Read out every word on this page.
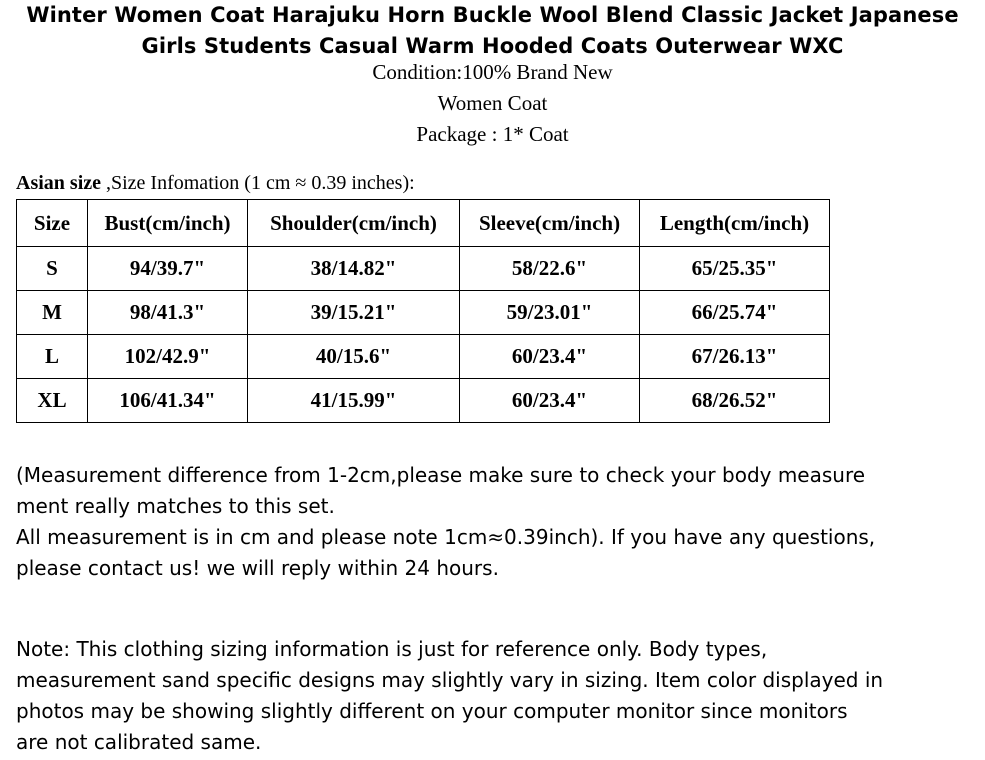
Winter Women Coat Harajuku Horn Buckle Wool Blend Classic Jacket Japanese
Girls Students Casual Warm Hooded Coats Outerwear WXC
Condition:100% Brand New
Women Coat
Package : 1* Coat
Asian size ,Size Infomation (1 cm ≈ 0.39 inches):
Size	Bust(cm/inch)	Shoulder(cm/inch)	Sleeve(cm/inch)	Length(cm/inch)
S	94/39.7"	38/14.82"	58/22.6"	65/25.35"
M	98/41.3"	39/15.21"	59/23.01"	66/25.74"
L	102/42.9"	40/15.6"	60/23.4"	67/26.13"
XL	106/41.34"	41/15.99"	60/23.4"	68/26.52"
(Measurement difference from 1-2cm,please make sure to check your body measure
ment really matches to this set.
All measurement is in cm and please note 1cm≈0.39inch). If you have any questions,
please contact us! we will reply within 24 hours.
Note: This clothing sizing information is just for reference only. Body types,
measurement sand specific designs may slightly vary in sizing. Item color displayed in
photos may be showing slightly different on your computer monitor since monitors
are not calibrated same.
